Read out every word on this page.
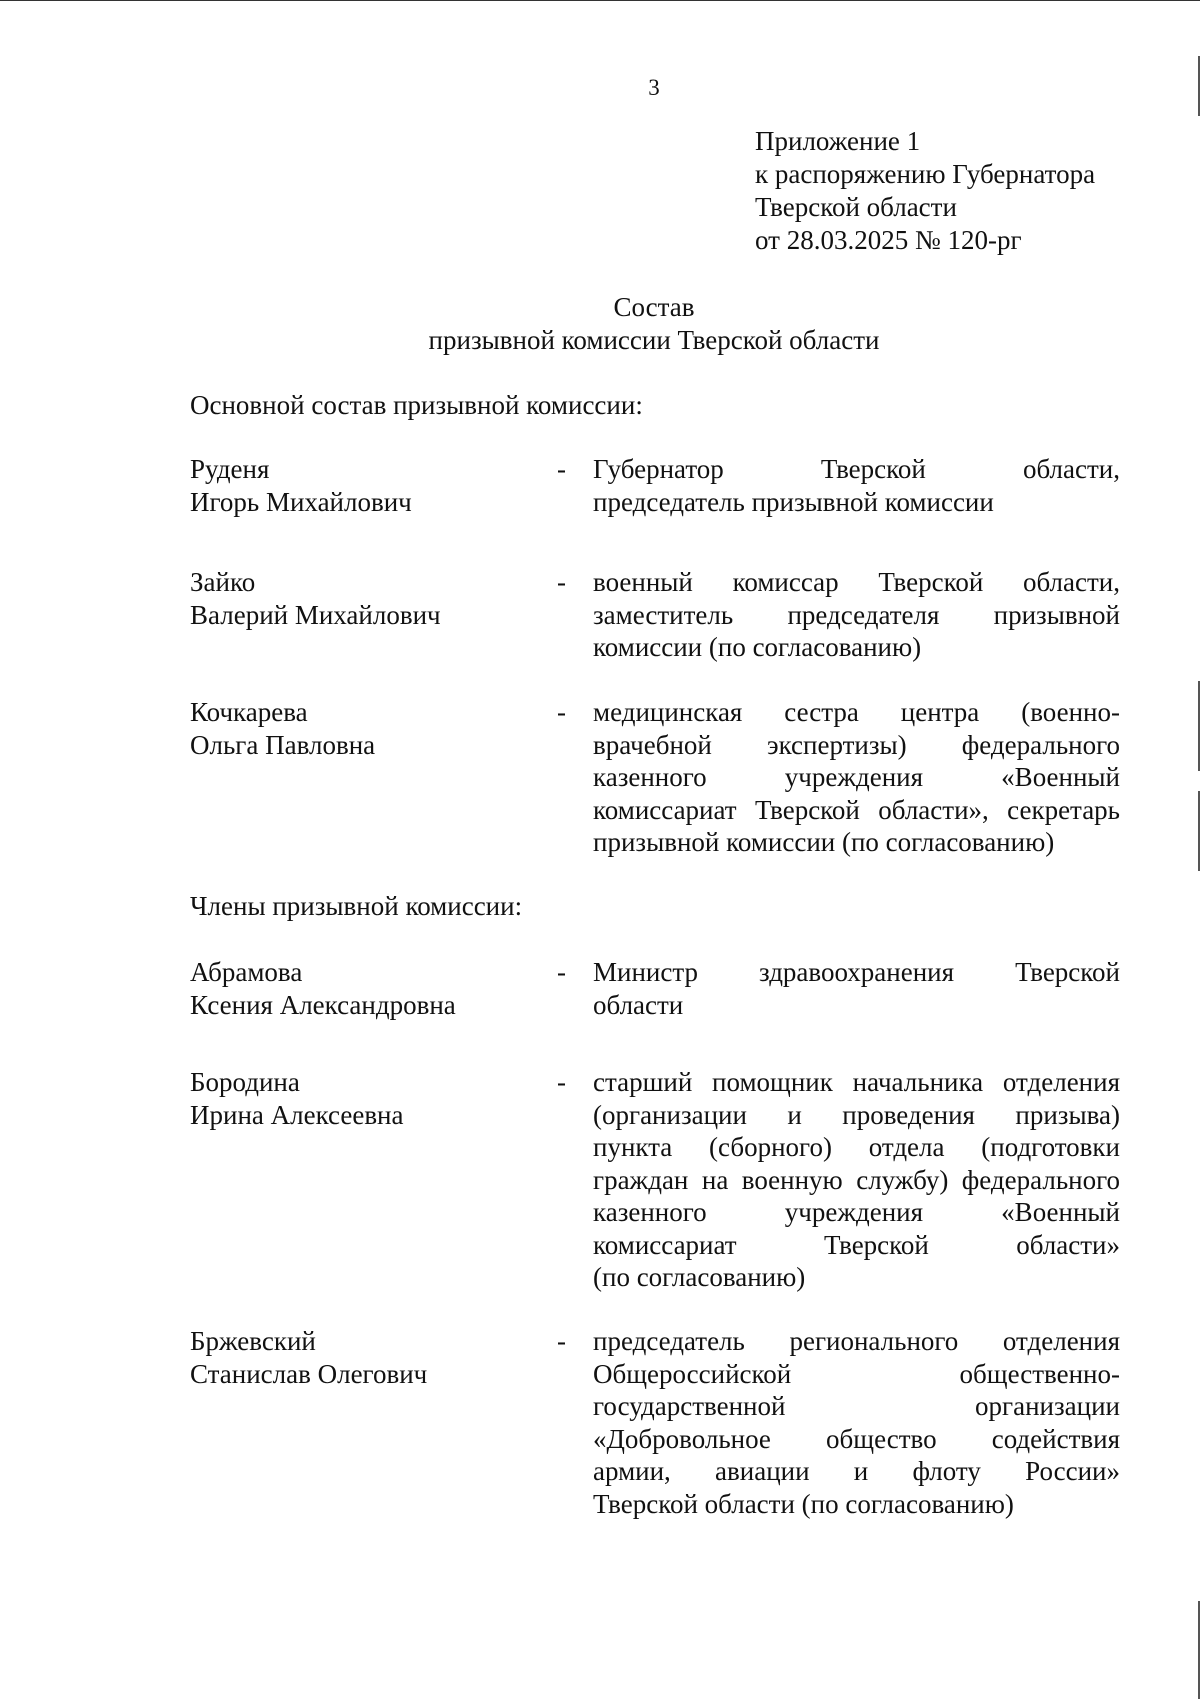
3
Приложение 1
к распоряжению Губернатора
Тверской области
от 28.03.2025 № 120-рг
Состав
призывной комиссии Тверской области
Основной состав призывной комиссии:
Руденя
Игорь Михайлович
- Губернатор Тверской области,
председатель призывной комиссии
Зайко
Валерий Михайлович
- военный комиссар Тверской области,
заместитель председателя призывной
комиссии (по согласованию)
Кочкарева
Ольга Павловна
- медицинская сестра центра (военно-
врачебной экспертизы) федерального
казенного учреждения «Военный
комиссариат Тверской области», секретарь
призывной комиссии (по согласованию)
Члены призывной комиссии:
Абрамова
Ксения Александровна
- Министр здравоохранения Тверской
области
Бородина
Ирина Алексеевна
- старший помощник начальника отделения
(организации и проведения призыва)
пункта (сборного) отдела (подготовки
граждан на военную службу) федерального
казенного учреждения «Военный
комиссариат Тверской области»
(по согласованию)
Бржевский
Станислав Олегович
- председатель регионального отделения
Общероссийской общественно-
государственной организации
«Добровольное общество содействия
армии, авиации и флоту России»
Тверской области (по согласованию)
